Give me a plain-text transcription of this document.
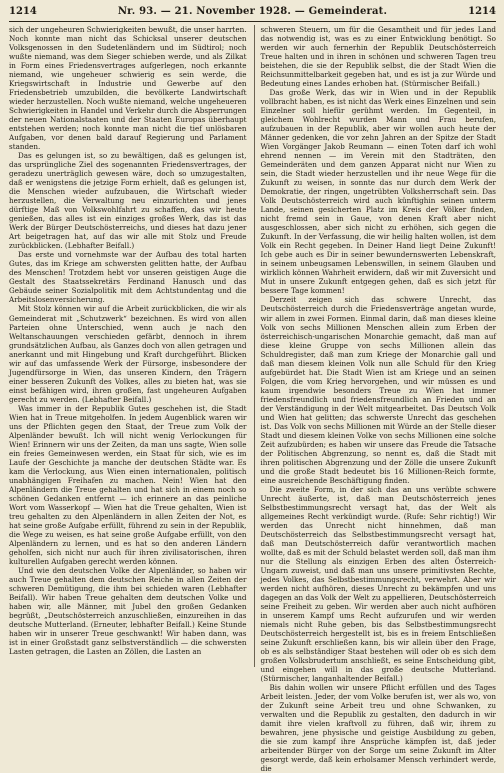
1214	Nr. 93. — 21. November 1928. — Gemeinderat.	1214

sich der ungeheuren Schwierigkeiten bewußt, die unser harrten. Noch konnte man nicht das Schicksal unserer deutschen Volksgenossen in den Sudetenländern und im Südtirol; noch wußte niemand, was dem Sieger schieben werde, und als Zilkat in Form eines Friedensvertrages aufgerlegen, noch erkannte niemand, wie ungeheuer schwierig es sein werde, die Kriegswirtschaft in Industrie und Gewerbe auf den Friedensbetrieb umzubilden, die bevölkerte Landwirtschaft wieder herzustellen. Noch wußte niemand, welche ungeheueren Schwierigkeiten in Handel und Verkehr durch die Absperrungen der neuen Nationalstaaten und der Staaten Europas überhaupt entstehen werden; noch konnte man nicht die tief unlösbaren Aufgaben, vor denen bald darauf Regierung und Parlament standen.

Das es gelungen ist, so zu bewältigen, daß es gelungen ist, das ursprüngliche Ziel des sogenannten Friedensvertrages, der geradezu unerträglich gewesen wäre, doch so umzugestalten, daß er wenigstens die jetzige Form erhielt, daß es gelungen ist, die Menschen wieder aufzubauen, die Wirtschaft wieder herzustellen, die Verwaltung neu einzurichten und jenes dürftige Maß von Volkswohlfahrt zu schaffen, das wir heute genießen, das alles ist ein einziges großes Werk, das ist das Werk der Bürger Deutschösterreichs, und dieses hat dazu jener Art beigetragen hat, auf das wir alle mit Stolz und Freude zurückblicken. (Lebhafter Beifall.)

Das erste und vornehmste war der Aufbau des total harten Gutes, das im Kriege am schwersten gelitten hatte, der Aufbau des Menschen! Trotzdem hebt vor unseren geistigen Auge die Gestalt des Staatssekretärs Ferdinand Hanusch und das Gebäude seiner Sozialpolitik mit dem Achtstundentag und die Arbeitslosenversicherung.

Mit Stolz können wir auf die Arbeit zurückblicken, die wir als Gemeinderat mit „Schutzwerk“ bezeichnen. Es wird von allen Parteien ohne Unterschied, wenn auch je nach den Weltanschauungen verschieden gefärbt, dennoch in ihrem grundsätzlichen Aufbau, als Ganzes doch von allen getragen und anerkannt und mit Hingebung und Kraft durchgeführt. Blicken wir auf das umfassende Werk der Fürsorge, insbesondere der Jugendfürsorge in Wien, das unseren Kindern, den Trägern einer besseren Zukunft des Volkes, alles zu bieten hat, was sie einst befähigen wird, ihren großen, fast ungeheuren Aufgaben gerecht zu werden. (Lebhafter Beifall.)

Was immer in der Republik Gutes geschehen ist, die Stadt Wien hat in Treue mitgeholfen. In jedem Augenblick waren wir uns der Pflichten gegen den Staat, der Treue zum Volk der Alpenländer bewußt. Ich will nicht wenig Verlockungen für Wien! Erinnern wir uns der Zeiten, da man uns sagte, Wien solle ein freies Gemeinwesen werden, ein Staat für sich, wie es im Laufe der Geschichte ja manche der deutschen Städte war. Es kam die Verlockung, aus Wien einen internationalen, politisch unabhängigen Freihafen zu machen. Nein! Wien hat den Alpenländern die Treue gehalten und hat sich in einem noch so schönen Gedanken entfernt — ich erinnere an das peinliche Wort vom Wasserkopf — Wien hat die Treue gehalten, Wien ist treu gehalten zu den Alpenländern in allen Zeiten der Not, es hat seine große Aufgabe erfüllt, führend zu sein in der Republik, die Wege zu weisen, es hat seine große Aufgabe erfüllt, von den Alpenländern zu lernen, und es hat so den anderen Ländern geholfen, sich nicht nur auch für ihren zivilisatorischen, ihren kulturellen Aufgaben gerecht werden können.

Und wie den deutschen Volke der Alpenländer, so haben wir auch Treue gehalten dem deutschen Reiche in allen Zeiten der schweren Demütigung, die ihm bei schieden waren (Lebhafter Beifall). Wir haben Treue gehalten dem deutschen Volke und haben wir, alle Männer, mit Jubel den großen Gedanken begrüßt, „Deutschösterreich anzuschließen, einzureihen in das deutsche Mutterland. (Erneuter, lebhafter Beifall.) Keine Stunde haben wir in unserer Treue geschwankt! Wir haben dann, was ist in einer Großstadt ganz selbstverständlich — die schwersten Lasten getragen, die Lasten an Zöllen, die Lasten an

schweren Steuern, um für die Gesamtheit und für jedes Land das notwendig ist, was es zu einer Entwicklung benötigt. So werden wir auch fernerhin der Republik Deutschösterreich Treue halten und in ihren in schönen und schweren Tagen treu beistehen, die sie der Republik selbst, die der Stadt Wien die Reichsunmittelbarkeit gegeben hat, und es ist ja zur Würde und Bedeutung eines Landes erhoben hat. (Stürmischer Beifall.)

Das große Werk, das wir in Wien und in der Republik vollbracht haben, es ist nicht das Werk eines Einzelnen und sein Einzelner soll hiefür gerühmt werden. Im Gegenteil, in gleichem Wohlrecht wurden Mann und Frau berufen, aufzubauen in der Republik, aber wir wollen auch heute der Männer gedenken, die vor zehn Jahren an der Spitze der Stadt Wien Vorgänger Jakob Reumann — einen Toten darf ich wohl ehrend nennen — im Verein mit den Stadträten, den Gemeinderäten und dem ganzen Apparat nicht nur Wien zu sein, die Stadt wieder herzustellen und ihr neue Wege für die Zukunft zu weisen, in sonnte das nur durch dem Werk der Demokratie, der ringen, ungetrübten Volksherrschaft sein. Das Volk Deutschösterreich wird auch künftighin seinen unterm Lande, seinen gesicherten Platz im Kreis der Völker finden, nicht fremd sein in Gaue, von denen Kraft aber nicht ausgeschlossen, aber sich nicht zu erhöhen, sich gegen die Zukunft. In der Verfassung, die wir heilig halten wollen, ist dem Volk ein Recht gegeben. In Deiner Hand liegt Deine Zukunft! Ich gebe auch es Dir in seiner bewundernswerten Lebenskraft, in seinem unbeugsamen Lebenswillen, in seinem Glauben und wirklich können Wahrheit erwidern, daß wir mit Zuversicht und Mut in unsere Zukunft entgegen gehen, daß es sich jetzt für bessere Tage kommen!

Derzeit zeigen sich das schwere Unrecht, das Deutschösterreich durch die Friedensverträge angetan wurde, wir allem in zwei Formen. Einmal darin, daß man dieses kleine Volk von sechs Millionen Menschen allein zum Erben der österreichisch-ungarischen Monarchie gemacht, daß man auf diese kleine Gruppe von sechs Millionen allein das Schuldregister, daß man zum Kriege der Monarchie gall und daß man diesem kleinen Volk nun alle Schuld für den Krieg aufgebürdet hat. Die Stadt Wien ist am Kriege und an seinen Folgen, die vom Krieg hervorgehen, und wir müssen es und kaum irgendwie besonders Treue zu Wien hat immer friedensfreundlich und friedensfreundlich an Frieden und an der Verständigung in der Welt mitgearbeitet. Das Deutsch Volk und Wien hat gelitten; das schwerste Unrecht das geschehen ist. Das Volk von sechs Millionen mit Würde an der Stelle dieser Stadt und diesem kleinen Volke von sechs Millionen eine solche Zeit aufzubürden; es haben wir unsere das Freude die Tatsache der Politischen Abgrenzung, so nennt es, daß die Stadt mit ihren politischen Abgrenzung und der Zölle die unsere Zukunft und die große Stadt bedeutet bis 16 Millionen-Reich formte, eine ausreichende Beschäftigung finden.

Die zweite Form, in der sich das an uns verübte schwere Unrecht äußerte, ist, daß man Deutschösterreich jenes Selbstbestimmungsrecht versagt hat, das der Welt als allgemeines Recht verkündigt wurde. (Rufe: Sehr richtig!) Wir werden das Unrecht nicht hinnehmen, daß man Deutschösterreich das Selbstbestimmungsrecht versagt hat, daß man Deutschösterreich dafür verantwortlich machen wollte, daß es mit der Schuld belastet werden soll, daß man ihm nur die Stellung als einzigen Erben des alten Österreich-Ungarn zuweist, und daß man uns unsere primitivsten Rechte, jedes Volkes, das Selbstbestimmungsrecht, verwehrt. Aber wir werden nicht aufhören, dieses Unrecht zu bekämpfen und uns dagegen an das Volk der Welt zu appellieren, Deutschösterreich seine Freiheit zu geben. Wir werden aber auch nicht aufhören in unserem Kampf ums Recht aufzurufen und wir werden niemals nicht Ruhe geben, bis das Selbstbestimmungsrecht Deutschösterreich hergestellt ist, bis es in freiem Entschließen seine Zukunft erschließen kann, bis wir allein über den Frage, ob es als selbständiger Staat bestehen will oder ob es sich dem großen Volksbrudertum anschließt, es seine Entscheidung gibt, und eingehen will in das große deutsche Mutterland. (Stürmischer, langanhaltender Beifall.)

Bis dahin wollen wir unsere Pflicht erfüllen und des Tages Arbeit leisten. Jeder, der vom Volke berufen ist, wer als wo, von der Zukunft seine Arbeit treu und ohne Schwanken, zu verwalten und die Republik zu gestalten, den dadurch in wir damit ihre vielen kraftvoll zu führen, daß wir, ihrem zu bewahren, jene physische und geistige Ausbildung zu geben, die sie zum kampf ihre Ansprüche kämpfen ist, daß jeder arbeitender Bürger von der Sorge um seine Zukunft im Alter gesorgt werde, daß kein erholsamer Mensch verhindert werde, die
